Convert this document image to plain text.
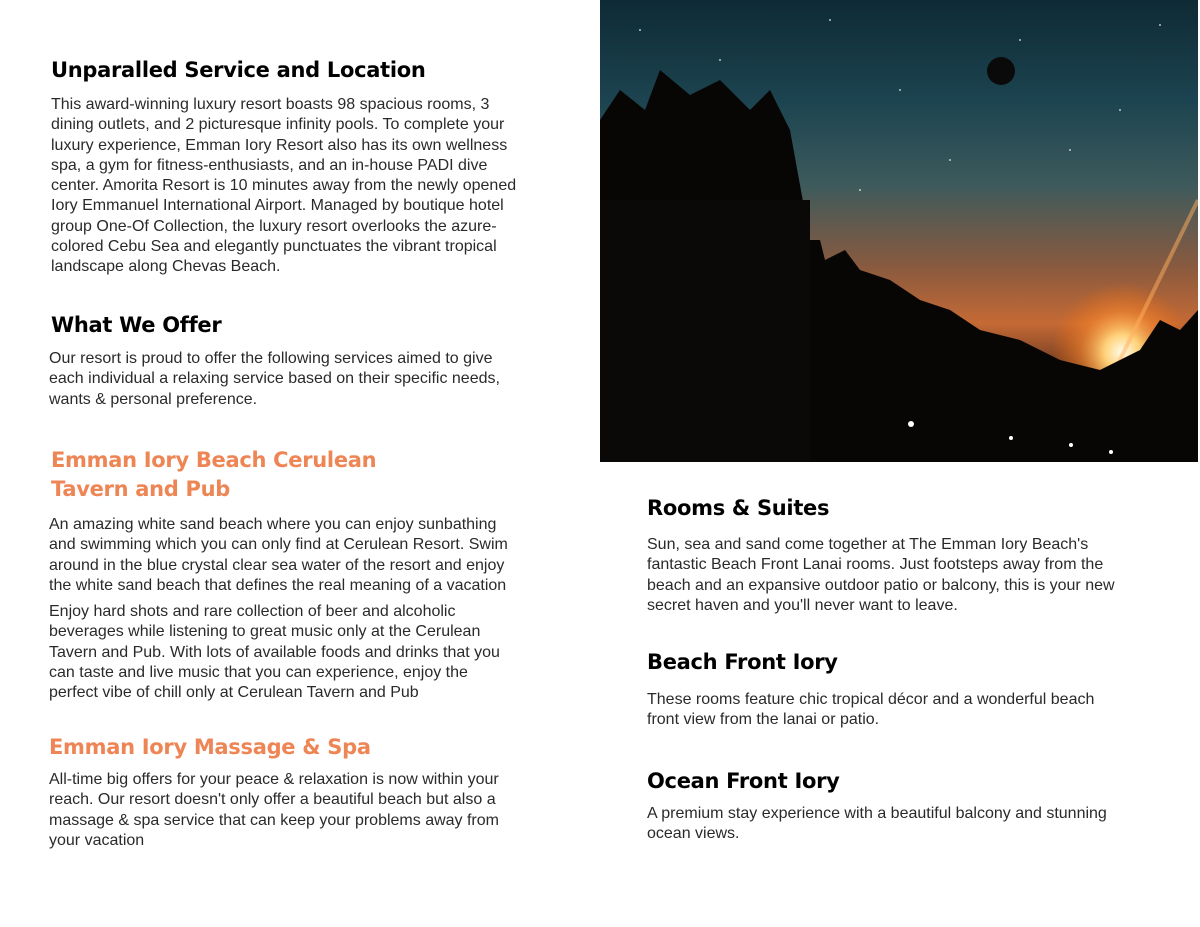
Unparalled Service and Location
This award-winning luxury resort boasts 98 spacious rooms, 3
dining outlets, and 2 picturesque infinity pools. To complete your
luxury experience, Emman Iory Resort also has its own wellness
spa, a gym for fitness-enthusiasts, and an in-house PADI dive
center. Amorita Resort is 10 minutes away from the newly opened
Iory Emmanuel International Airport. Managed by boutique hotel
group One-Of Collection, the luxury resort overlooks the azure-
colored Cebu Sea and elegantly punctuates the vibrant tropical
landscape along Chevas Beach.
What We Offer
Our resort is proud to offer the following services aimed to give
each individual a relaxing service based on their specific needs,
wants & personal preference.
Emman Iory Beach Cerulean
Tavern and Pub
An amazing white sand beach where you can enjoy sunbathing
and swimming which you can only find at Cerulean Resort. Swim
around in the blue crystal clear sea water of the resort and enjoy
the white sand beach that defines the real meaning of a vacation
Enjoy hard shots and rare collection of beer and alcoholic
beverages while listening to great music only at the Cerulean
Tavern and Pub. With lots of available foods and drinks that you
can taste and live music that you can experience, enjoy the
perfect vibe of chill only at Cerulean Tavern and Pub
Emman Iory Massage & Spa
All-time big offers for your peace & relaxation is now within your
reach. Our resort doesn't only offer a beautiful beach but also a
massage & spa service that can keep your problems away from
your vacation
Rooms & Suites
Sun, sea and sand come together at The Emman Iory Beach's
fantastic Beach Front Lanai rooms. Just footsteps away from the
beach and an expansive outdoor patio or balcony, this is your new
secret haven and you'll never want to leave.
Beach Front Iory
These rooms feature chic tropical décor and a wonderful beach
front view from the lanai or patio.
Ocean Front Iory
A premium stay experience with a beautiful balcony and stunning
ocean views.
